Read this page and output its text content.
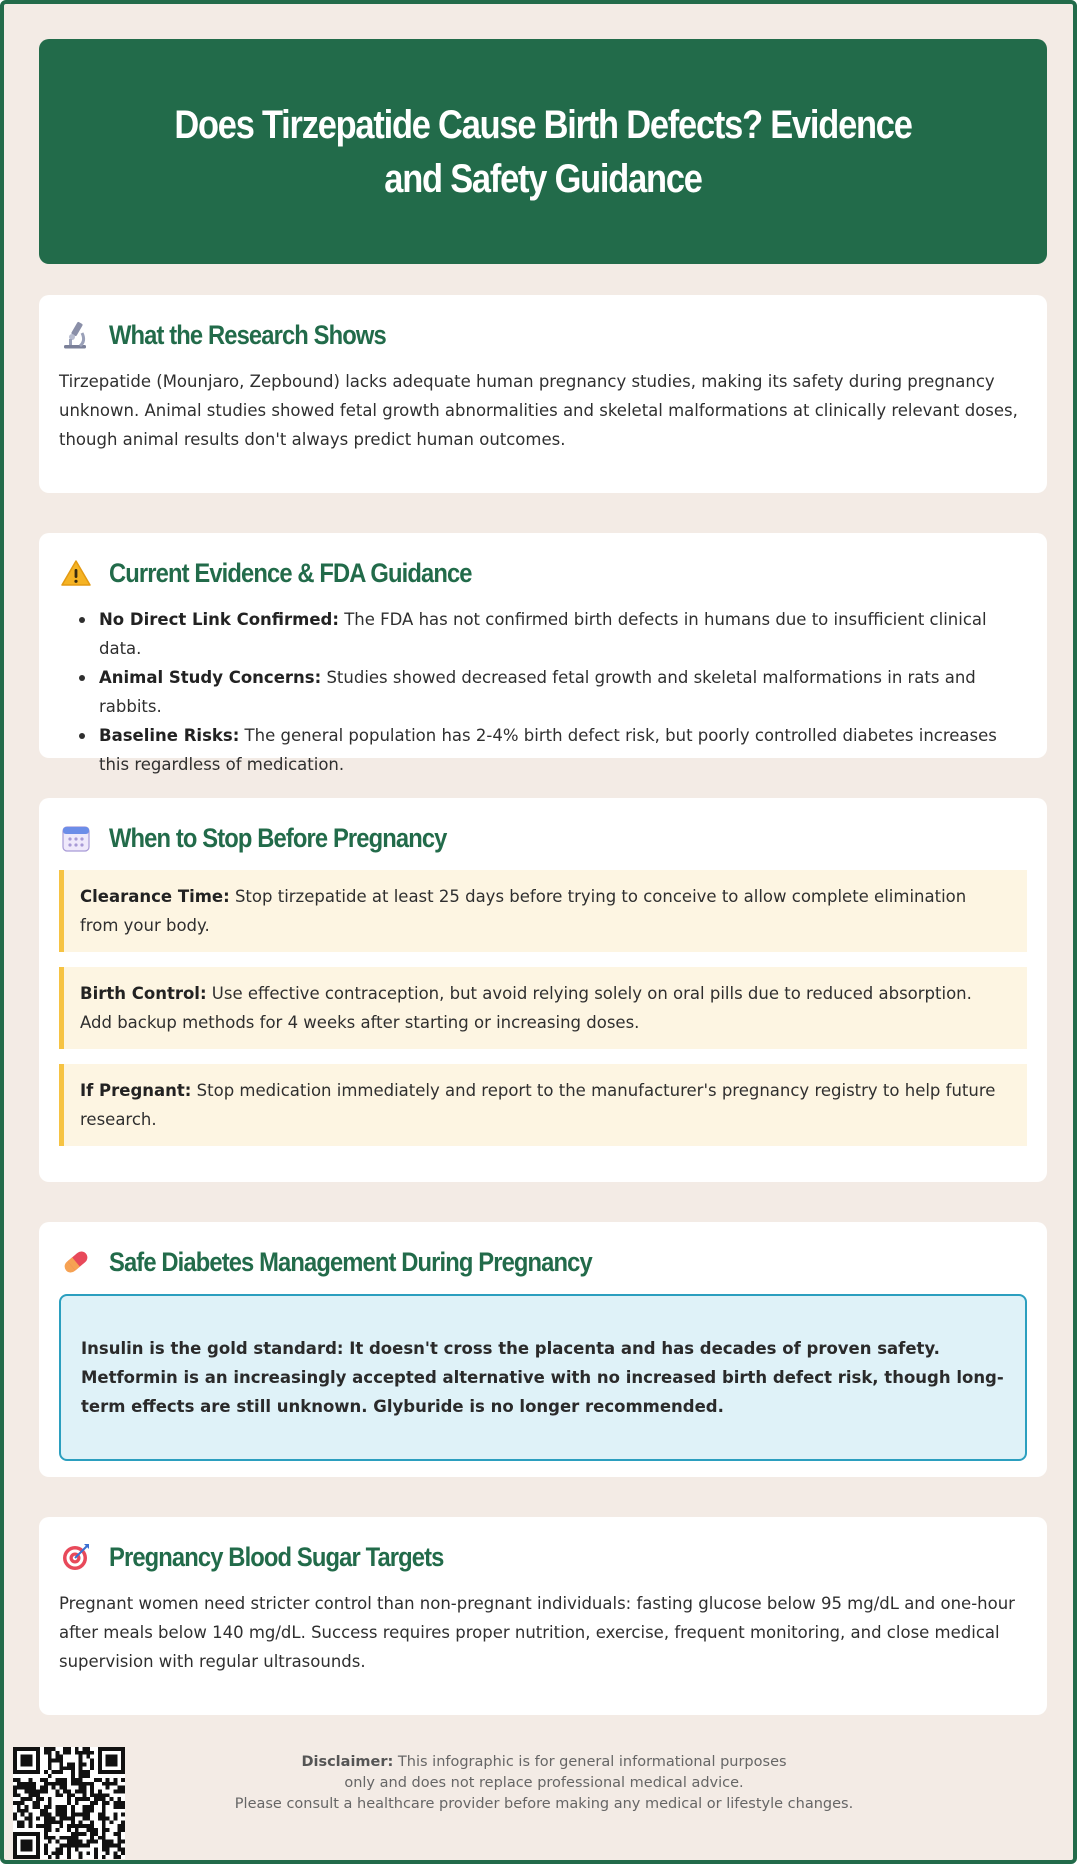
Does Tirzepatide Cause Birth Defects? Evidence and Safety Guidance
What the Research Shows

Tirzepatide (Mounjaro, Zepbound) lacks adequate human pregnancy studies, making its safety during pregnancy unknown. Animal studies showed fetal growth abnormalities and skeletal malformations at clinically relevant doses, though animal results don't always predict human outcomes.

Current Evidence & FDA Guidance
No Direct Link Confirmed: The FDA has not confirmed birth defects in humans due to insufficient clinical data.
Animal Study Concerns: Studies showed decreased fetal growth and skeletal malformations in rats and rabbits.
Baseline Risks: The general population has 2-4% birth defect risk, but poorly controlled diabetes increases this regardless of medication.
When to Stop Before Pregnancy
Clearance Time: Stop tirzepatide at least 25 days before trying to conceive to allow complete elimination from your body.
Birth Control: Use effective contraception, but avoid relying solely on oral pills due to reduced absorption. Add backup methods for 4 weeks after starting or increasing doses.
If Pregnant: Stop medication immediately and report to the manufacturer's pregnancy registry to help future research.
Safe Diabetes Management During Pregnancy
Insulin is the gold standard: It doesn't cross the placenta and has decades of proven safety. Metformin is an increasingly accepted alternative with no increased birth defect risk, though long-term effects are still unknown. Glyburide is no longer recommended.
Pregnancy Blood Sugar Targets

Pregnant women need stricter control than non-pregnant individuals: fasting glucose below 95 mg/dL and one-hour after meals below 140 mg/dL. Success requires proper nutrition, exercise, frequent monitoring, and close medical supervision with regular ultrasounds.

Disclaimer: This infographic is for general informational purposes
only and does not replace professional medical advice.
Please consult a healthcare provider before making any medical or lifestyle changes.
